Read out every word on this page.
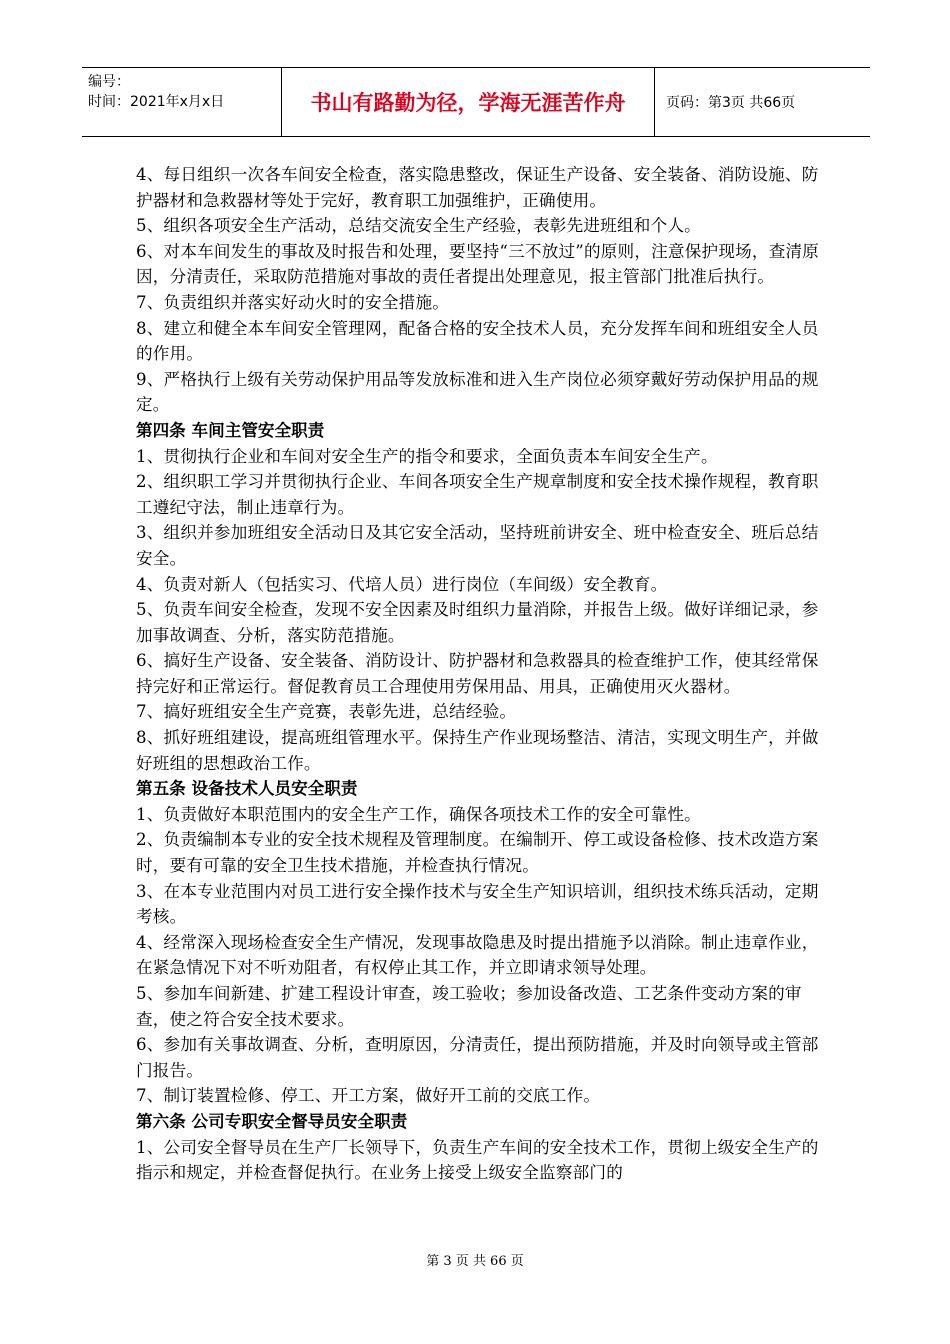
编号：
时间：2021年x月x日	书山有路勤为径，学海无涯苦作舟	页码：第3页 共66页

4、每日组织一次各车间安全检查，落实隐患整改，保证生产设备、安全装备、消防设施、防护器材和急救器材等处于完好，教育职工加强维护，正确使用。

5、组织各项安全生产活动，总结交流安全生产经验，表彰先进班组和个人。

6、对本车间发生的事故及时报告和处理，要坚持“三不放过”的原则，注意保护现场，查清原因，分清责任，采取防范措施对事故的责任者提出处理意见，报主管部门批准后执行。

7、负责组织并落实好动火时的安全措施。

8、建立和健全本车间安全管理网，配备合格的安全技术人员，充分发挥车间和班组安全人员的作用。

9、严格执行上级有关劳动保护用品等发放标准和进入生产岗位必须穿戴好劳动保护用品的规定。

第四条 车间主管安全职责

1、贯彻执行企业和车间对安全生产的指令和要求，全面负责本车间安全生产。

2、组织职工学习并贯彻执行企业、车间各项安全生产规章制度和安全技术操作规程，教育职工遵纪守法，制止违章行为。

3、组织并参加班组安全活动日及其它安全活动，坚持班前讲安全、班中检查安全、班后总结安全。

4、负责对新人（包括实习、代培人员）进行岗位（车间级）安全教育。

5、负责车间安全检查，发现不安全因素及时组织力量消除，并报告上级。做好详细记录，参加事故调查、分析，落实防范措施。

6、搞好生产设备、安全装备、消防设计、防护器材和急救器具的检查维护工作，使其经常保持完好和正常运行。督促教育员工合理使用劳保用品、用具，正确使用灭火器材。

7、搞好班组安全生产竞赛，表彰先进，总结经验。

8、抓好班组建设，提高班组管理水平。保持生产作业现场整洁、清洁，实现文明生产，并做好班组的思想政治工作。

第五条 设备技术人员安全职责

1、负责做好本职范围内的安全生产工作，确保各项技术工作的安全可靠性。

2、负责编制本专业的安全技术规程及管理制度。在编制开、停工或设备检修、技术改造方案时，要有可靠的安全卫生技术措施，并检查执行情况。

3、在本专业范围内对员工进行安全操作技术与安全生产知识培训，组织技术练兵活动，定期考核。

4、经常深入现场检查安全生产情况，发现事故隐患及时提出措施予以消除。制止违章作业，在紧急情况下对不听劝阻者，有权停止其工作，并立即请求领导处理。

5、参加车间新建、扩建工程设计审查，竣工验收；参加设备改造、工艺条件变动方案的审查，使之符合安全技术要求。

6、参加有关事故调查、分析，查明原因，分清责任，提出预防措施，并及时向领导或主管部门报告。

7、制订装置检修、停工、开工方案，做好开工前的交底工作。

第六条 公司专职安全督导员安全职责

1、公司安全督导员在生产厂长领导下，负责生产车间的安全技术工作，贯彻上级安全生产的指示和规定，并检查督促执行。在业务上接受上级安全监察部门的

第 3 页 共 66 页
